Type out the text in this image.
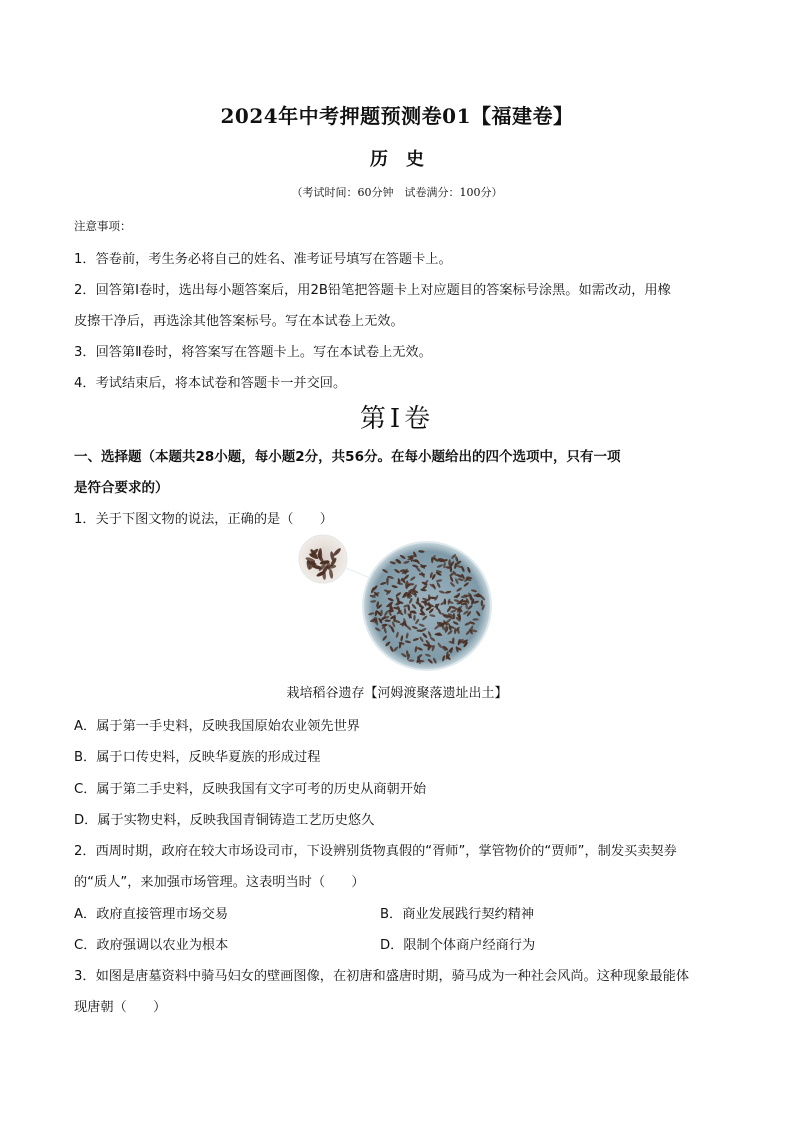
2024年中考押题预测卷01【福建卷】
历史
（考试时间：60分钟　试卷满分：100分）
注意事项：
1．答卷前，考生务必将自己的姓名、准考证号填写在答题卡上。
2．回答第Ⅰ卷时，选出每小题答案后，用2B铅笔把答题卡上对应题目的答案标号涂黑。如需改动，用橡
皮擦干净后，再选涂其他答案标号。写在本试卷上无效。
3．回答第Ⅱ卷时，将答案写在答题卡上。写在本试卷上无效。
4．考试结束后，将本试卷和答题卡一并交回。
第Ⅰ卷
一、选择题（本题共28小题，每小题2分，共56分。在每小题给出的四个选项中，只有一项
是符合要求的）
1．关于下图文物的说法，正确的是（　　）
栽培稻谷遗存【河姆渡聚落遗址出土】
A．属于第一手史料，反映我国原始农业领先世界
B．属于口传史料，反映华夏族的形成过程
C．属于第二手史料，反映我国有文字可考的历史从商朝开始
D．属于实物史料，反映我国青铜铸造工艺历史悠久
2．西周时期，政府在较大市场设司市，下设辨别货物真假的“胥师”，掌管物价的“贾师”，制发买卖契券
的“质人”，来加强市场管理。这表明当时（　　）
A．政府直接管理市场交易	B．商业发展践行契约精神
C．政府强调以农业为根本	D．限制个体商户经商行为
3．如图是唐墓资料中骑马妇女的壁画图像，在初唐和盛唐时期，骑马成为一种社会风尚。这种现象最能体
现唐朝（　　）
